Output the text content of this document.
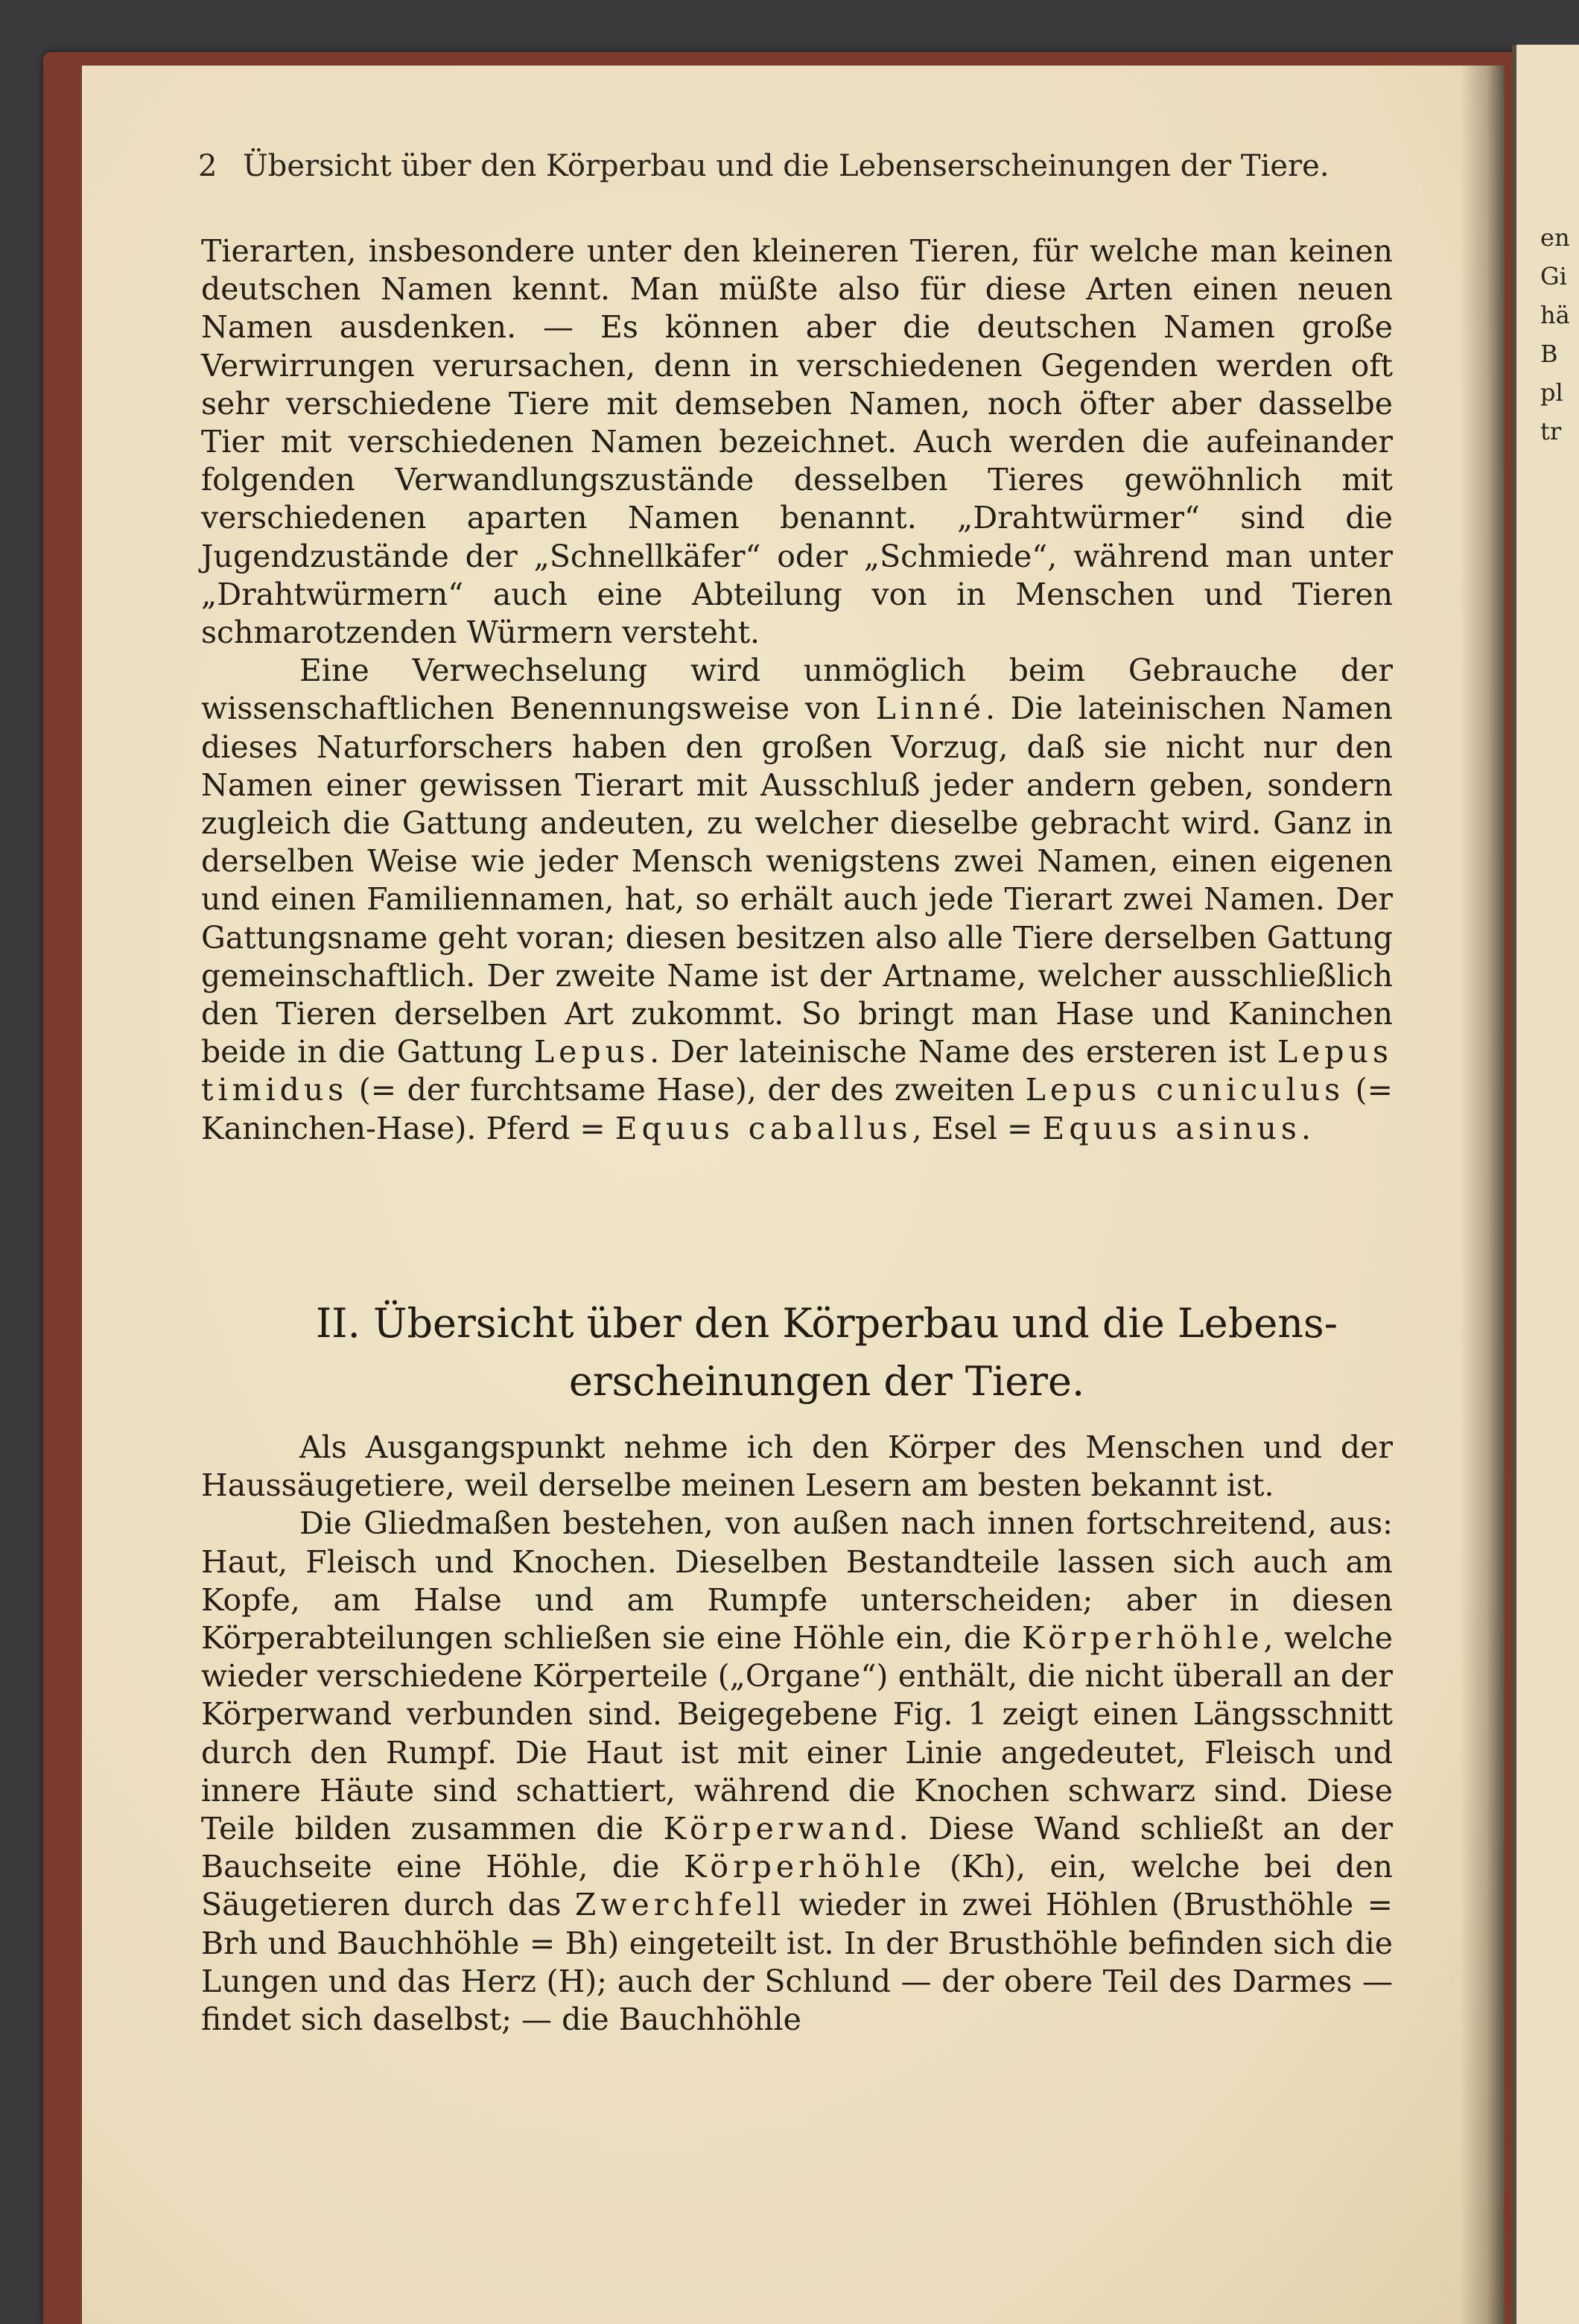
en
Gi
hä
B
pl
tr
2 Übersicht über den Körperbau und die Lebenserscheinungen der Tiere.

Tierarten, insbesondere unter den kleineren Tieren, für welche man keinen deutschen Namen kennt. Man müßte also für diese Arten einen neuen Namen ausdenken. — Es können aber die deutschen Namen große Verwirrungen verursachen, denn in verschiedenen Gegenden werden oft sehr verschiedene Tiere mit demseben Namen, noch öfter aber dasselbe Tier mit verschiedenen Namen bezeichnet. Auch werden die aufeinander folgenden Verwandlungszustände desselben Tieres gewöhnlich mit verschiedenen aparten Namen benannt. „Drahtwürmer“ sind die Jugendzustände der „Schnellkäfer“ oder „Schmiede“, während man unter „Drahtwürmern“ auch eine Abteilung von in Menschen und Tieren schmarotzenden Würmern versteht.

Eine Verwechselung wird unmöglich beim Gebrauche der wissenschaftlichen Benennungsweise von Linné. Die lateinischen Namen dieses Naturforschers haben den großen Vorzug, daß sie nicht nur den Namen einer gewissen Tierart mit Ausschluß jeder andern geben, sondern zugleich die Gattung andeuten, zu welcher dieselbe gebracht wird. Ganz in derselben Weise wie jeder Mensch wenigstens zwei Namen, einen eigenen und einen Familiennamen, hat, so erhält auch jede Tierart zwei Namen. Der Gattungsname geht voran; diesen besitzen also alle Tiere derselben Gattung gemeinschaftlich. Der zweite Name ist der Artname, welcher ausschließlich den Tieren derselben Art zukommt. So bringt man Hase und Kaninchen beide in die Gattung Lepus. Der lateinische Name des ersteren ist Lepus timidus (= der furchtsame Hase), der des zweiten Lepus cuniculus (= Kaninchen-Hase). Pferd = Equus caballus, Esel = Equus asinus.

II. Übersicht über den Körperbau und die Lebens-
erscheinungen der Tiere.

Als Ausgangspunkt nehme ich den Körper des Menschen und der Haussäugetiere, weil derselbe meinen Lesern am besten bekannt ist.

Die Gliedmaßen bestehen, von außen nach innen fortschreitend, aus: Haut, Fleisch und Knochen. Dieselben Bestandteile lassen sich auch am Kopfe, am Halse und am Rumpfe unterscheiden; aber in diesen Körperabteilungen schließen sie eine Höhle ein, die Körperhöhle, welche wieder verschiedene Körperteile („Organe“) enthält, die nicht überall an der Körperwand verbunden sind. Beigegebene Fig. 1 zeigt einen Längsschnitt durch den Rumpf. Die Haut ist mit einer Linie angedeutet, Fleisch und innere Häute sind schattiert, während die Knochen schwarz sind. Diese Teile bilden zusammen die Körperwand. Diese Wand schließt an der Bauchseite eine Höhle, die Körperhöhle (Kh), ein, welche bei den Säugetieren durch das Zwerchfell wieder in zwei Höhlen (Brusthöhle = Brh und Bauchhöhle = Bh) eingeteilt ist. In der Brusthöhle befinden sich die Lungen und das Herz (H); auch der Schlund — der obere Teil des Darmes — findet sich daselbst; — die Bauchhöhle
